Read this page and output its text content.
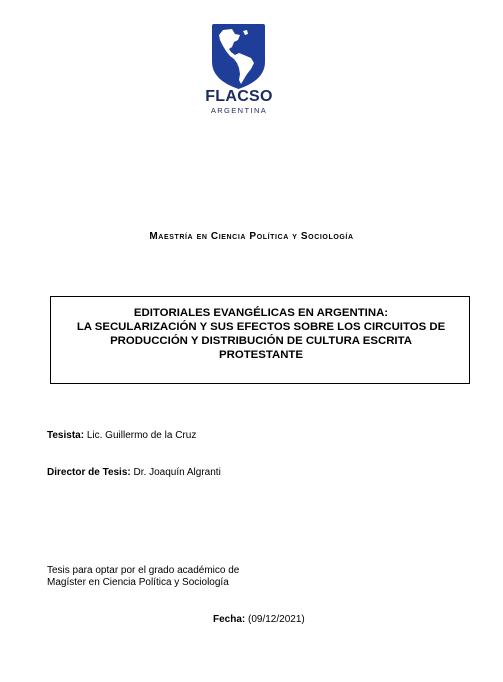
FLACSO
ARGENTINA
Maestría en Ciencia Política y Sociología
EDITORIALES EVANGÉLICAS EN ARGENTINA:
LA SECULARIZACIÓN Y SUS EFECTOS SOBRE LOS CIRCUITOS DE
PRODUCCIÓN Y DISTRIBUCIÓN DE CULTURA ESCRITA
PROTESTANTE
Tesista: Lic. Guillermo de la Cruz
Director de Tesis: Dr. Joaquín Algranti
Tesis para optar por el grado académico de
Magíster en Ciencia Política y Sociología
Fecha: (09/12/2021)
